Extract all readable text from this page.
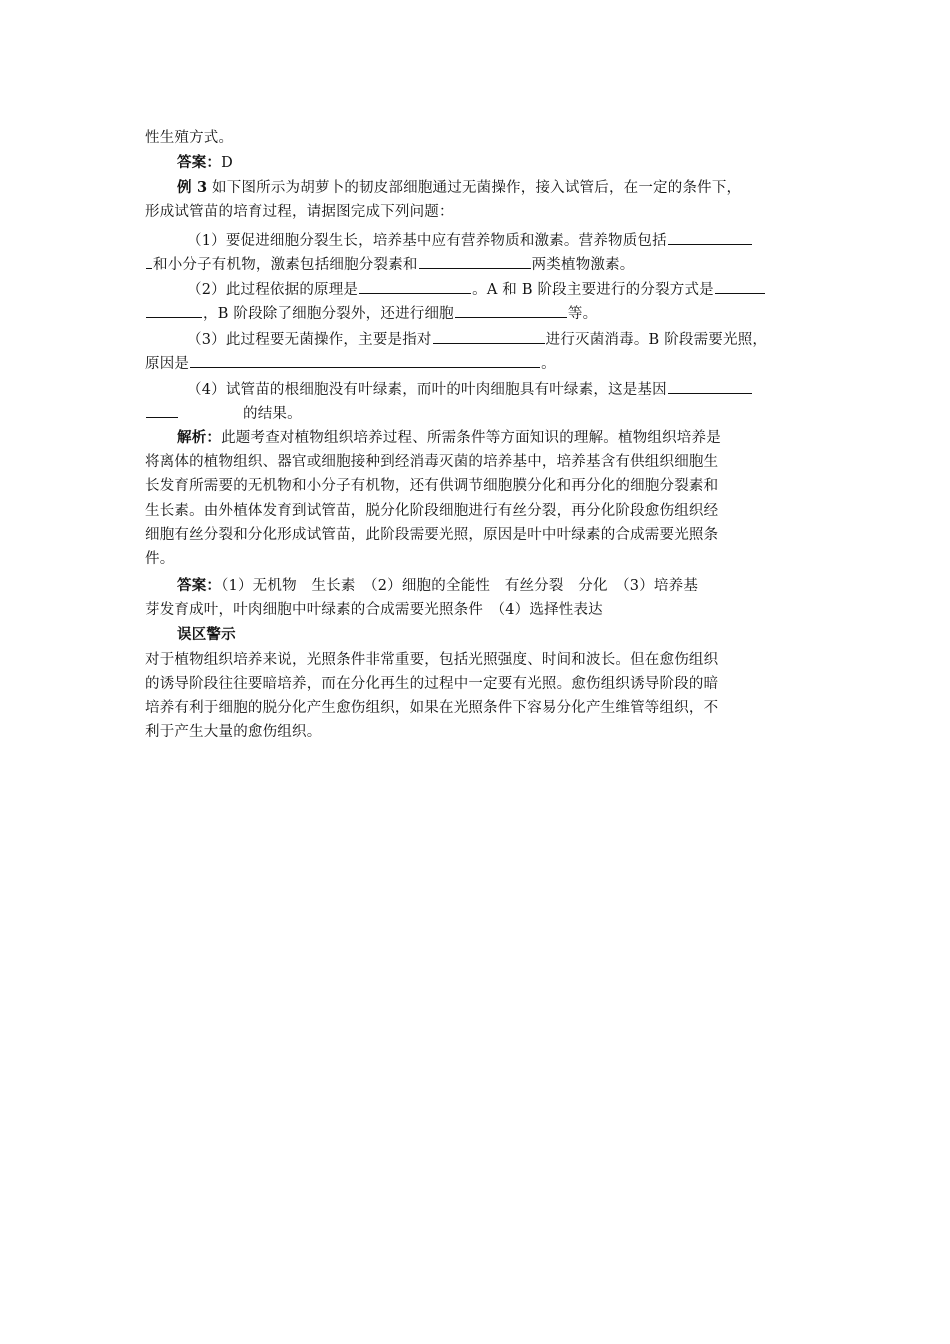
性生殖方式。
答案：D
例 3 如下图所示为胡萝卜的韧皮部细胞通过无菌操作，接入试管后，在一定的条件下，
形成试管苗的培育过程，请据图完成下列问题：
（1）要促进细胞分裂生长，培养基中应有营养物质和激素。营养物质包括
和小分子有机物，激素包括细胞分裂素和	两类植物激素。
（2）此过程依据的原理是	。A 和 B 阶段主要进行的分裂方式是
，B 阶段除了细胞分裂外，还进行细胞	等。
（3）此过程要无菌操作，主要是指对	进行灭菌消毒。B 阶段需要光照，
原因是	。
（4）试管苗的根细胞没有叶绿素，而叶的叶肉细胞具有叶绿素，这是基因
的结果。
解析：此题考查对植物组织培养过程、所需条件等方面知识的理解。植物组织培养是
将离体的植物组织、器官或细胞接种到经消毒灭菌的培养基中，培养基含有供组织细胞生
长发育所需要的无机物和小分子有机物，还有供调节细胞膜分化和再分化的细胞分裂素和
生长素。由外植体发育到试管苗，脱分化阶段细胞进行有丝分裂，再分化阶段愈伤组织经
细胞有丝分裂和分化形成试管苗，此阶段需要光照，原因是叶中叶绿素的合成需要光照条
件。
答案：（1）无机物　生长素　（2）细胞的全能性　有丝分裂　分化　（3）培养基
芽发育成叶，叶肉细胞中叶绿素的合成需要光照条件　（4）选择性表达
误区警示
对于植物组织培养来说，光照条件非常重要，包括光照强度、时间和波长。但在愈伤组织
的诱导阶段往往要暗培养，而在分化再生的过程中一定要有光照。愈伤组织诱导阶段的暗
培养有利于细胞的脱分化产生愈伤组织，如果在光照条件下容易分化产生维管等组织，不
利于产生大量的愈伤组织。
